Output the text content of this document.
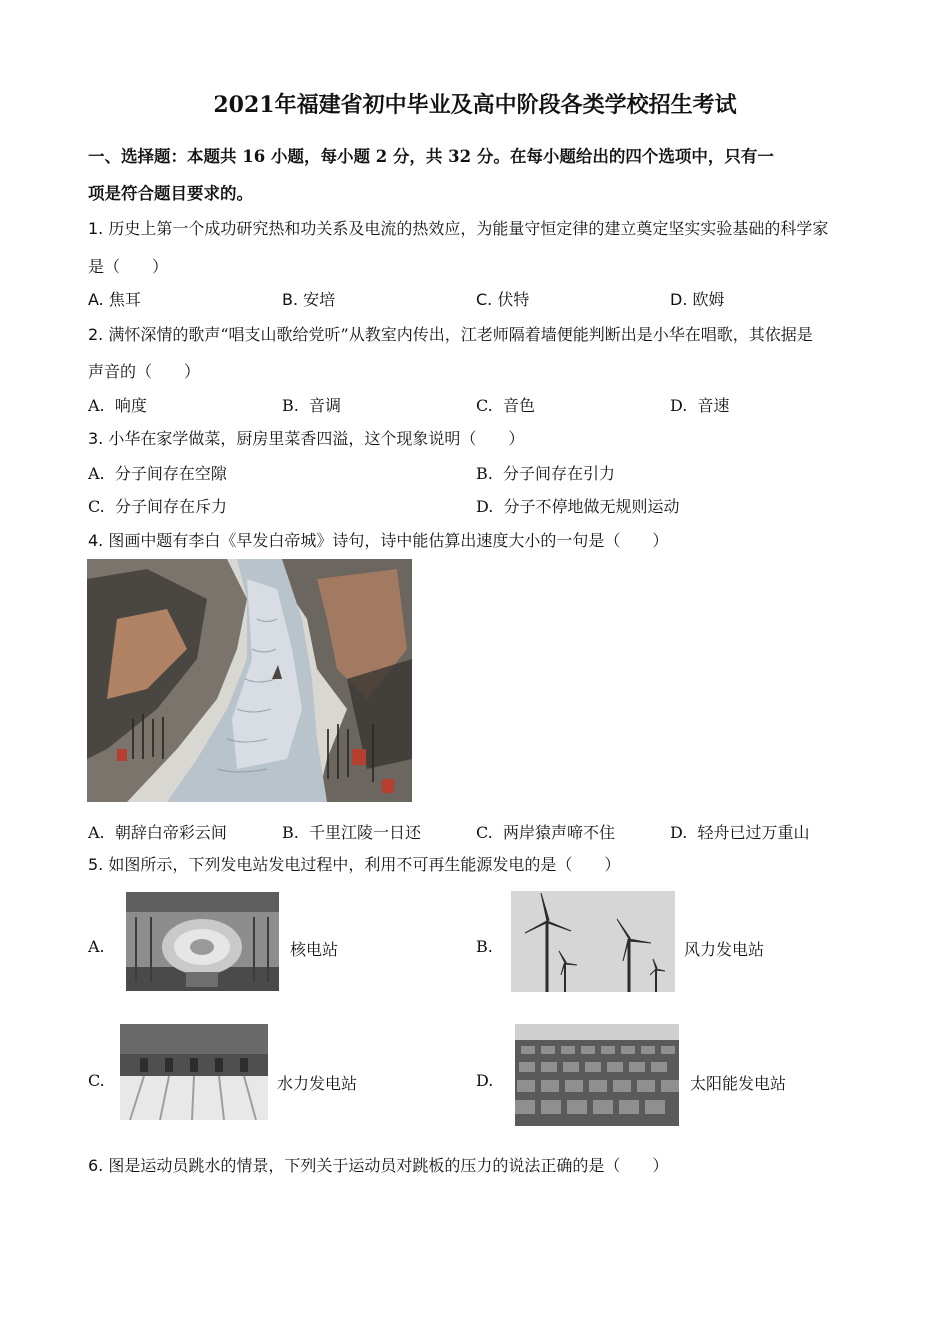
2021年福建省初中毕业及高中阶段各类学校招生考试
一、选择题：本题共 16 小题，每小题 2 分，共 32 分。在每小题给出的四个选项中，只有一
项是符合题目要求的。
1. 历史上第一个成功研究热和功关系及电流的热效应，为能量守恒定律的建立奠定坚实实验基础的科学家
是（　　）
A. 焦耳	B. 安培	C. 伏特	D. 欧姆
2. 满怀深情的歌声“唱支山歌给党听”从教室内传出，江老师隔着墙便能判断出是小华在唱歌，其依据是
声音的（　　）
A. 响度	B. 音调	C. 音色	D. 音速
3. 小华在家学做菜，厨房里菜香四溢，这个现象说明（　　）
A. 分子间存在空隙	B. 分子间存在引力
C. 分子间存在斥力	D. 分子不停地做无规则运动
4. 图画中题有李白《早发白帝城》诗句，诗中能估算出速度大小的一句是（　　）
A. 朝辞白帝彩云间	B. 千里江陵一日还	C. 两岸猿声啼不住	D. 轻舟已过万重山
5. 如图所示，下列发电站发电过程中，利用不可再生能源发电的是（　　）
A.	核电站	B.	风力发电站
C.	水力发电站	D.	太阳能发电站
6. 图是运动员跳水的情景，下列关于运动员对跳板的压力的说法正确的是（　　）
